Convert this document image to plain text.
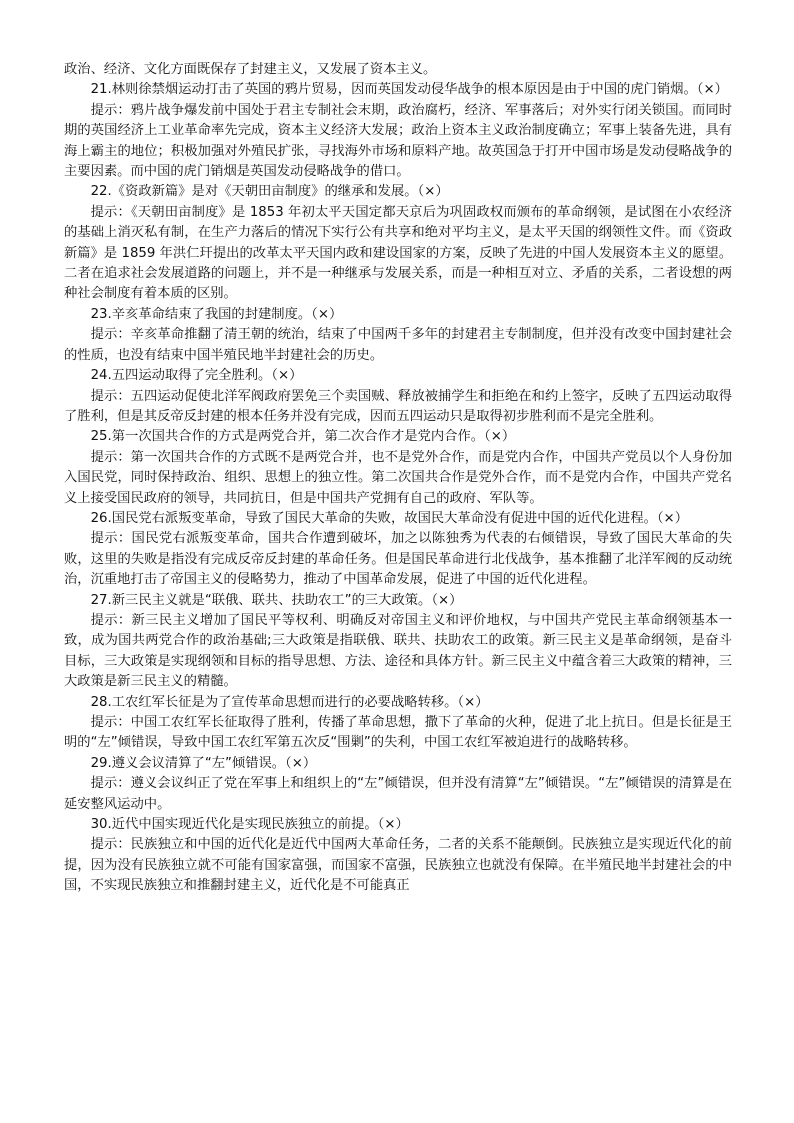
政治、经济、文化方面既保存了封建主义，又发展了资本主义。

21.林则徐禁烟运动打击了英国的鸦片贸易，因而英国发动侵华战争的根本原因是由于中国的虎门销烟。（×）

提示：鸦片战争爆发前中国处于君主专制社会末期，政治腐朽，经济、军事落后；对外实行闭关锁国。而同时期的英国经济上工业革命率先完成，资本主义经济大发展；政治上资本主义政治制度确立；军事上装备先进，具有海上霸主的地位；积极加强对外殖民扩张，寻找海外市场和原料产地。故英国急于打开中国市场是发动侵略战争的主要因素。而中国的虎门销烟是英国发动侵略战争的借口。

22.《资政新篇》是对《天朝田亩制度》的继承和发展。（×）

提示：《天朝田亩制度》是 1853 年初太平天国定都天京后为巩固政权而颁布的革命纲领，是试图在小农经济的基础上消灭私有制，在生产力落后的情况下实行公有共享和绝对平均主义，是太平天国的纲领性文件。而《资政新篇》是 1859 年洪仁玕提出的改革太平天国内政和建设国家的方案，反映了先进的中国人发展资本主义的愿望。二者在追求社会发展道路的问题上，并不是一种继承与发展关系，而是一种相互对立、矛盾的关系，二者设想的两种社会制度有着本质的区别。

23.辛亥革命结束了我国的封建制度。（×）

提示：辛亥革命推翻了清王朝的统治，结束了中国两千多年的封建君主专制制度，但并没有改变中国封建社会的性质，也没有结束中国半殖民地半封建社会的历史。

24.五四运动取得了完全胜利。（×）

提示：五四运动促使北洋军阀政府罢免三个卖国贼、释放被捕学生和拒绝在和约上签字，反映了五四运动取得了胜利，但是其反帝反封建的根本任务并没有完成，因而五四运动只是取得初步胜利而不是完全胜利。

25.第一次国共合作的方式是两党合并，第二次合作才是党内合作。（×）

提示：第一次国共合作的方式既不是两党合并，也不是党外合作，而是党内合作，中国共产党员以个人身份加入国民党，同时保持政治、组织、思想上的独立性。第二次国共合作是党外合作，而不是党内合作，中国共产党名义上接受国民政府的领导，共同抗日，但是中国共产党拥有自己的政府、军队等。

26.国民党右派叛变革命，导致了国民大革命的失败，故国民大革命没有促进中国的近代化进程。（×）

提示：国民党右派叛变革命，国共合作遭到破坏，加之以陈独秀为代表的右倾错误，导致了国民大革命的失败，这里的失败是指没有完成反帝反封建的革命任务。但是国民革命进行北伐战争，基本推翻了北洋军阀的反动统治，沉重地打击了帝国主义的侵略势力，推动了中国革命发展，促进了中国的近代化进程。

27.新三民主义就是“联俄、联共、扶助农工”的三大政策。（×）

提示：新三民主义增加了国民平等权利、明确反对帝国主义和评价地权，与中国共产党民主革命纲领基本一致，成为国共两党合作的政治基础;三大政策是指联俄、联共、扶助农工的政策。新三民主义是革命纲领，是奋斗目标，三大政策是实现纲领和目标的指导思想、方法、途径和具体方针。新三民主义中蕴含着三大政策的精神，三大政策是新三民主义的精髓。

28.工农红军长征是为了宣传革命思想而进行的必要战略转移。（×）

提示：中国工农红军长征取得了胜利，传播了革命思想，撒下了革命的火种，促进了北上抗日。但是长征是王明的“左”倾错误，导致中国工农红军第五次反“围剿”的失利，中国工农红军被迫进行的战略转移。

29.遵义会议清算了“左”倾错误。（×）

提示：遵义会议纠正了党在军事上和组织上的“左”倾错误，但并没有清算“左”倾错误。“左”倾错误的清算是在延安整风运动中。

30.近代中国实现近代化是实现民族独立的前提。（×）

提示：民族独立和中国的近代化是近代中国两大革命任务，二者的关系不能颠倒。民族独立是实现近代化的前提，因为没有民族独立就不可能有国家富强，而国家不富强，民族独立也就没有保障。在半殖民地半封建社会的中国，不实现民族独立和推翻封建主义，近代化是不可能真正
